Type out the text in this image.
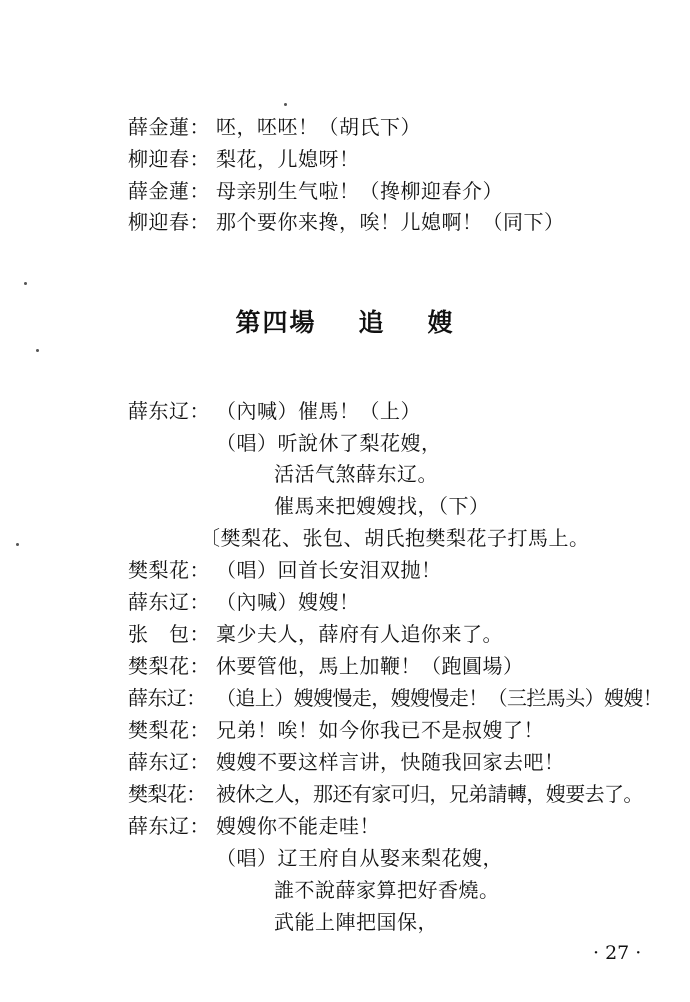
薛金蓮： 呸，呸呸！（胡氏下）
柳迎春： 梨花，儿媳呀！
薛金蓮： 母亲别生气啦！（搀柳迎春介）
柳迎春： 那个要你来搀，唉！儿媳啊！（同下）
第四場 追 嫂
薛东辽： （內喊）催馬！（上）
（唱）听說休了梨花嫂，
活活气煞薛东辽。
催馬来把嫂嫂找，（下）
〔樊梨花、张包、胡氏抱樊梨花子打馬上。
樊梨花： （唱）回首长安泪双抛！
薛东辽： （內喊）嫂嫂！
张　包： 稟少夫人，薛府有人追你来了。
樊梨花： 休要管他，馬上加鞭！（跑圓場）
薛东辽： （追上）嫂嫂慢走，嫂嫂慢走！（三拦馬头）嫂嫂！
樊梨花： 兄弟！唉！如今你我已不是叔嫂了！
薛东辽： 嫂嫂不要这样言讲，快随我回家去吧！
樊梨花： 被休之人，那还有家可归，兄弟請轉，嫂要去了。
薛东辽： 嫂嫂你不能走哇！
（唱）辽王府自从娶来梨花嫂，
誰不說薛家算把好香燒。
武能上陣把国保，
· 27 ·
